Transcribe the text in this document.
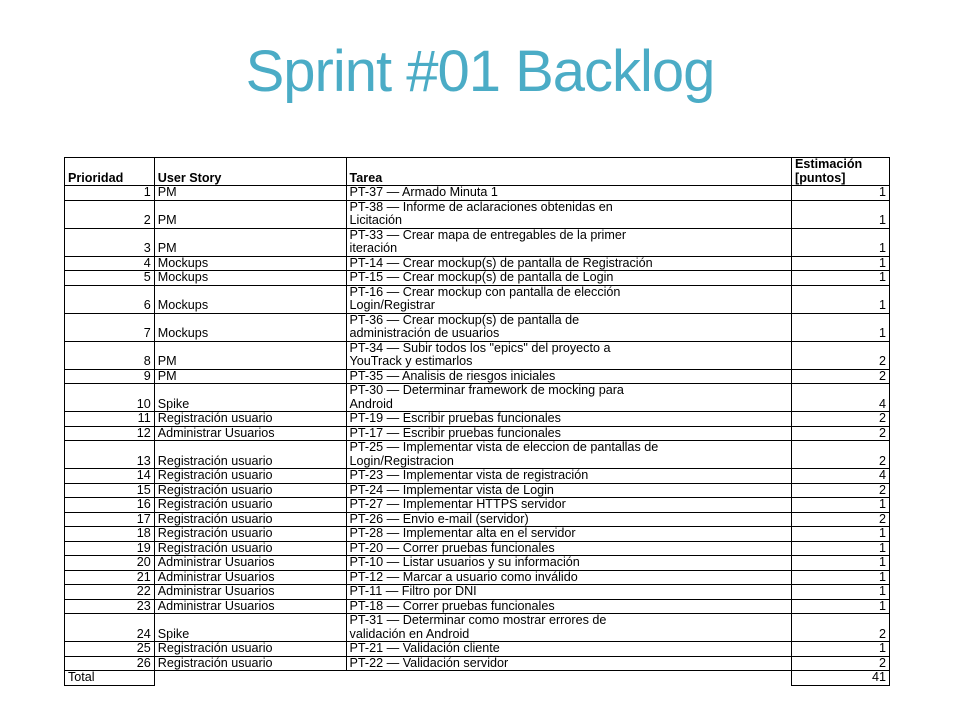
Sprint #01 Backlog
Prioridad	User Story	Tarea	Estimación
[puntos]
1	PM	PT-37 — Armado Minuta 1	1
2	PM	PT-38 — Informe de aclaraciones obtenidas en
Licitación	1
3	PM	PT-33 — Crear mapa de entregables de la primer
iteración	1
4	Mockups	PT-14 — Crear mockup(s) de pantalla de Registración	1
5	Mockups	PT-15 — Crear mockup(s) de pantalla de Login	1
6	Mockups	PT-16 — Crear mockup con pantalla de elección
Login/Registrar	1
7	Mockups	PT-36 — Crear mockup(s) de pantalla de
administración de usuarios	1
8	PM	PT-34 — Subir todos los "epics" del proyecto a
YouTrack y estimarlos	2
9	PM	PT-35 — Analisis de riesgos iniciales	2
10	Spike	PT-30 — Determinar framework de mocking para
Android	4
11	Registración usuario	PT-19 — Escribir pruebas funcionales	2
12	Administrar Usuarios	PT-17 — Escribir pruebas funcionales	2
13	Registración usuario	PT-25 — Implementar vista de eleccion de pantallas de
Login/Registracion	2
14	Registración usuario	PT-23 — Implementar vista de registración	4
15	Registración usuario	PT-24 — Implementar vista de Login	2
16	Registración usuario	PT-27 — Implementar HTTPS servidor	1
17	Registración usuario	PT-26 — Envio e-mail (servidor)	2
18	Registración usuario	PT-28 — Implementar alta en el servidor	1
19	Registración usuario	PT-20 — Correr pruebas funcionales	1
20	Administrar Usuarios	PT-10 — Listar usuarios y su información	1
21	Administrar Usuarios	PT-12 — Marcar a usuario como inválido	1
22	Administrar Usuarios	PT-11 — Filtro por DNI	1
23	Administrar Usuarios	PT-18 — Correr pruebas funcionales	1
24	Spike	PT-31 — Determinar como mostrar errores de
validación en Android	2
25	Registración usuario	PT-21 — Validación cliente	1
26	Registración usuario	PT-22 — Validación servidor	2
Total			41
